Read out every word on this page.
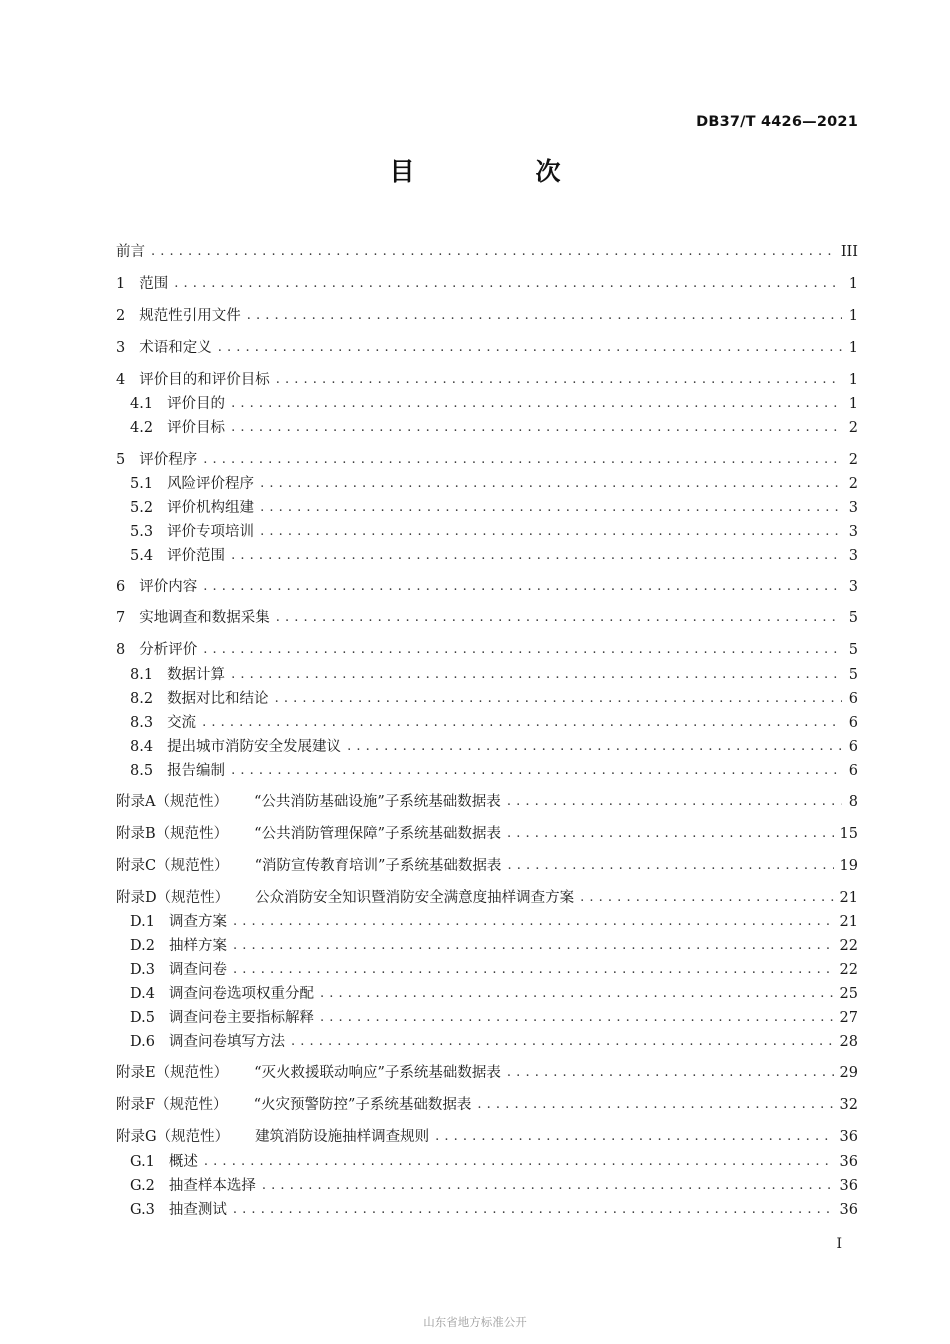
DB37/T 4426—2021
目　次
前言 . . .	III
1 范围 . . .	1
2 规范性引用文件 . . .	1
3 术语和定义 . . .	1
4 评价目的和评价目标 . . .	1
4.1 评价目的 . . .	1
4.2 评价目标 . . .	2
5 评价程序 . . .	2
5.1 风险评价程序 . . .	2
5.2 评价机构组建 . . .	3
5.3 评价专项培训 . . .	3
5.4 评价范围 . . .	3
6 评价内容 . . .	3
7 实地调查和数据采集 . . .	5
8 分析评价 . . .	5
8.1 数据计算 . . .	5
8.2 数据对比和结论 . . .	6
8.3 交流 . . .	6
8.4 提出城市消防安全发展建议 . . .	6
8.5 报告编制 . . .	6
附录A（规范性） “公共消防基础设施”子系统基础数据表 . . .	8
附录B（规范性） “公共消防管理保障”子系统基础数据表 . . .	15
附录C（规范性） “消防宣传教育培训”子系统基础数据表 . . .	19
附录D（规范性） 公众消防安全知识暨消防安全满意度抽样调查方案 . . .	21
D.1 调查方案 . . .	21
D.2 抽样方案 . . .	22
D.3 调查问卷 . . .	22
D.4 调查问卷选项权重分配 . . .	25
D.5 调查问卷主要指标解释 . . .	27
D.6 调查问卷填写方法 . . .	28
附录E（规范性） “灭火救援联动响应”子系统基础数据表 . . .	29
附录F（规范性） “火灾预警防控”子系统基础数据表 . . .	32
附录G（规范性） 建筑消防设施抽样调查规则 . . .	36
G.1 概述 . . .	36
G.2 抽查样本选择 . . .	36
G.3 抽查测试 . . .	36
I
山东省地方标准公开
